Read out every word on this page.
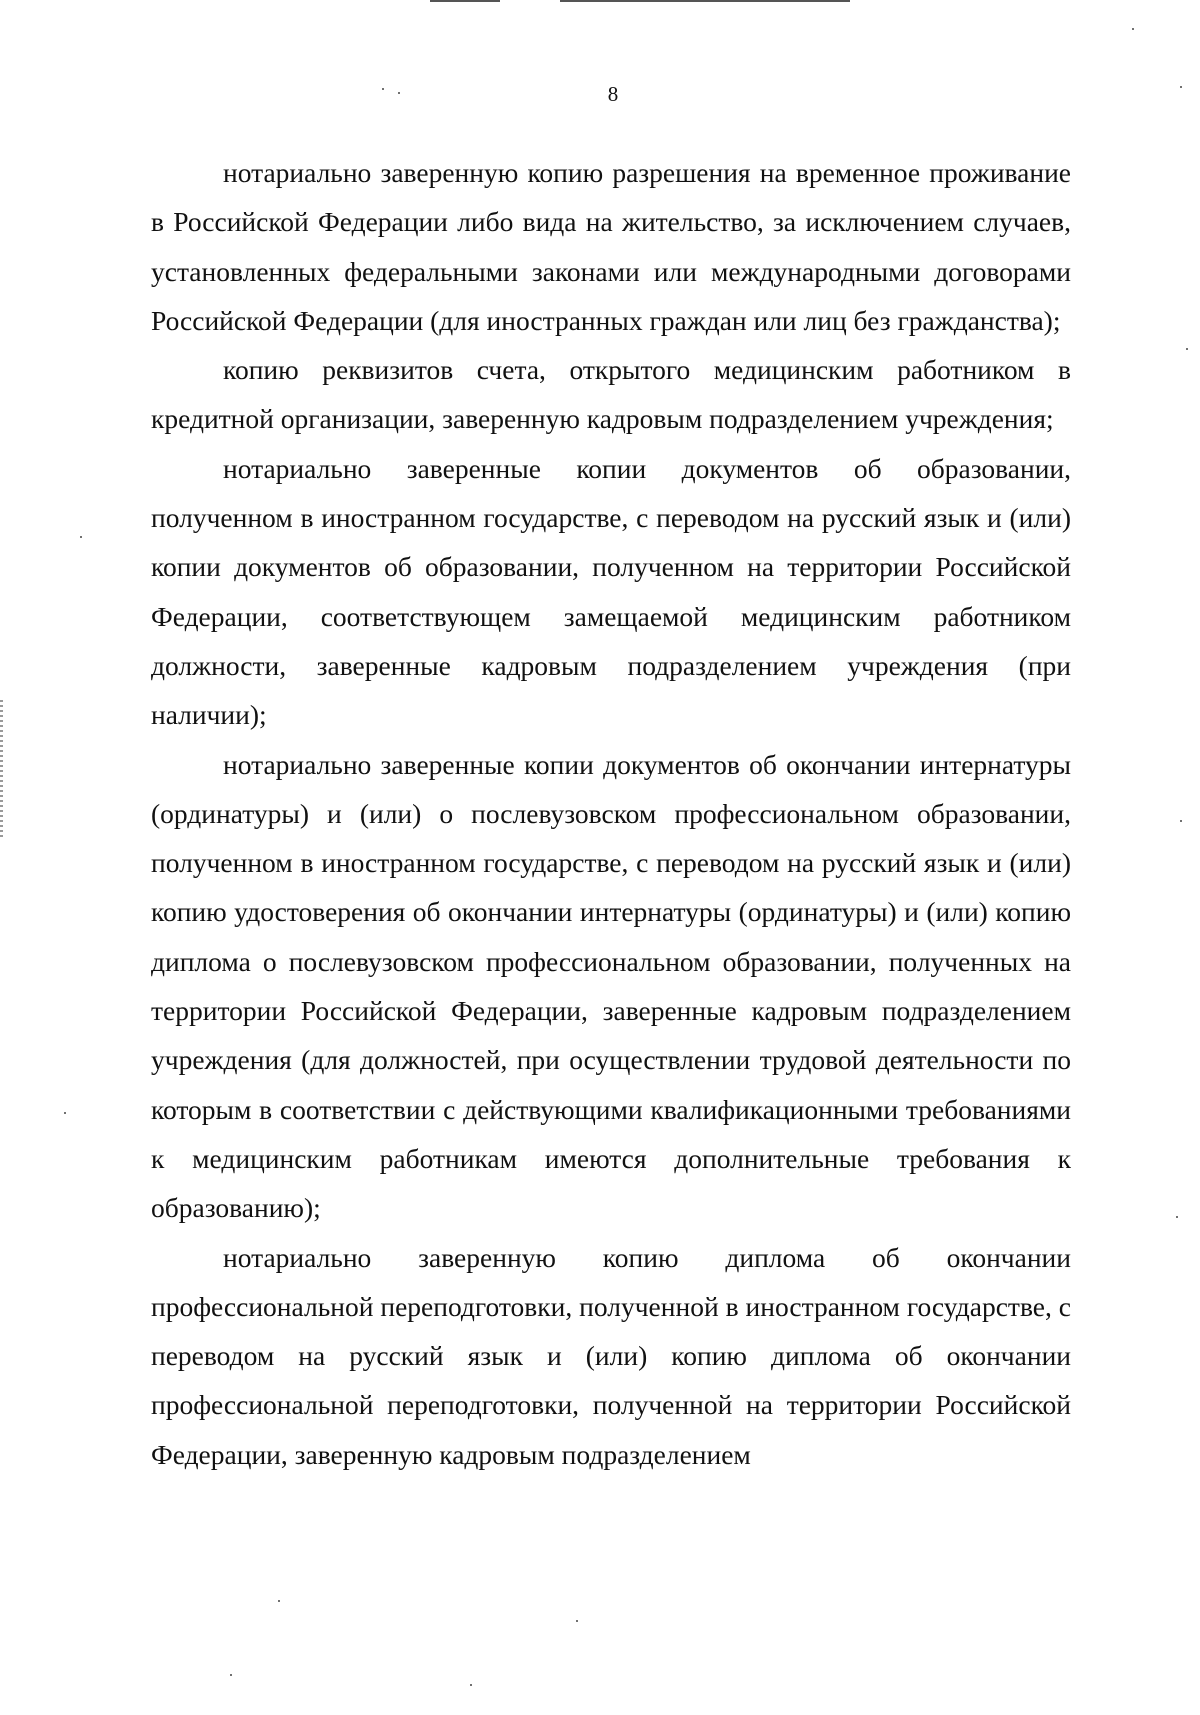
8

нотариально заверенную копию разрешения на временное проживание в Российской Федерации либо вида на жительство, за исключением случаев, установленных федеральными законами или международными договорами Российской Федерации (для иностранных граждан или лиц без гражданства);

копию реквизитов счета, открытого медицинским работником в кредитной организации, заверенную кадровым подразделением учреждения;

нотариально заверенные копии документов об образовании, полученном в иностранном государстве, с переводом на русский язык и (или) копии документов об образовании, полученном на территории Российской Федерации, соответствующем замещаемой медицинским работником должности, заверенные кадровым подразделением учреждения (при наличии);

нотариально заверенные копии документов об окончании интернатуры (ординатуры) и (или) о послевузовском профессиональном образовании, полученном в иностранном государстве, с переводом на русский язык и (или) копию удостоверения об окончании интернатуры (ординатуры) и (или) копию диплома о послевузовском профессиональном образовании, полученных на территории Российской Федерации, заверенные кадровым подразделением учреждения (для должностей, при осуществлении трудовой деятельности по которым в соответствии с действующими квалификационными требованиями к медицинским работникам имеются дополнительные требования к образованию);

нотариально заверенную копию диплома об окончании профессиональной переподготовки, полученной в иностранном государстве, с переводом на русский язык и (или) копию диплома об окончании профессиональной переподготовки, полученной на территории Российской Федерации, заверенную кадровым подразделением
